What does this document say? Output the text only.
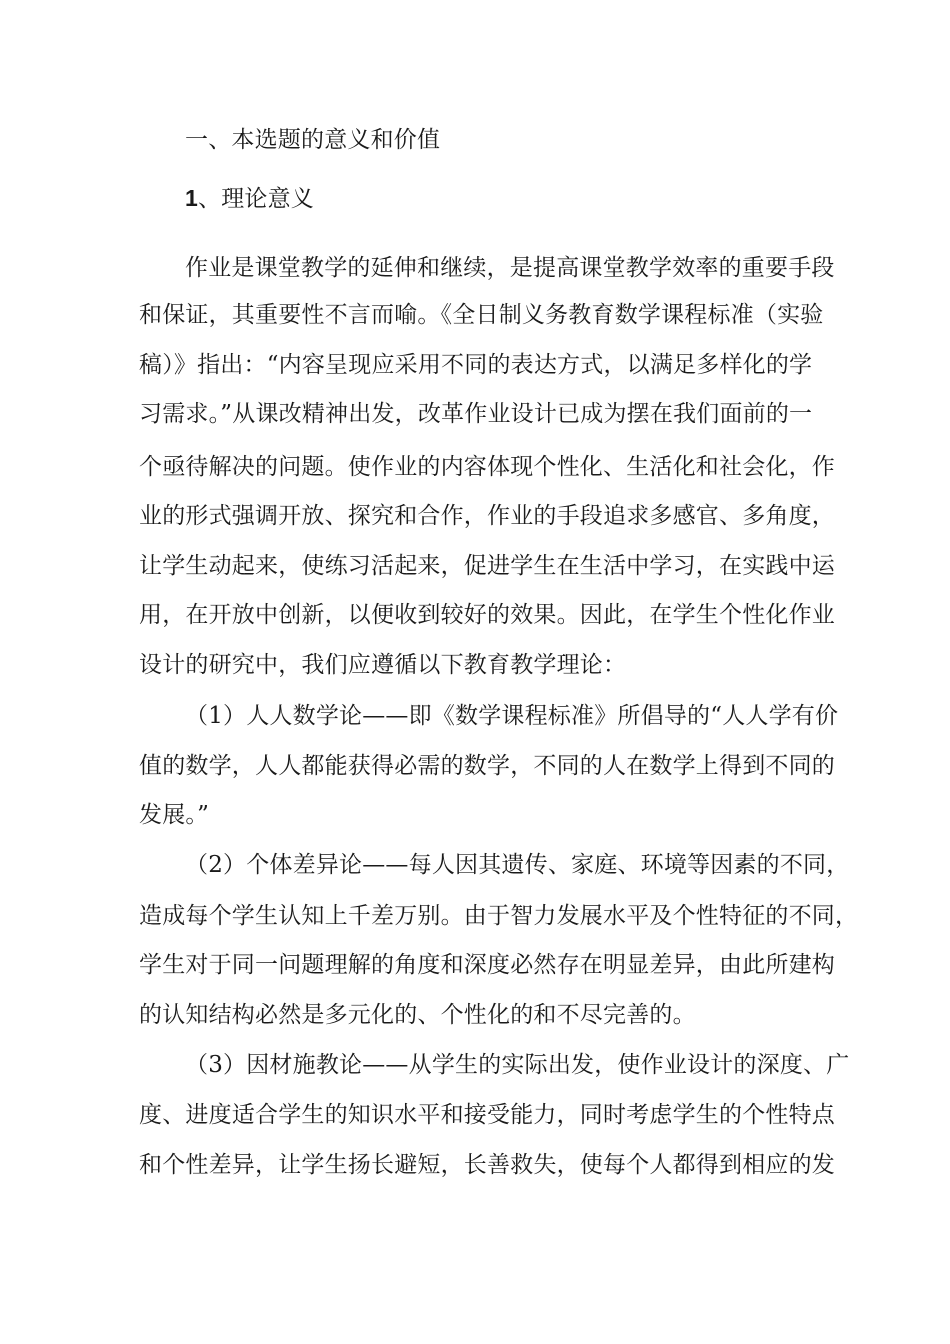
一、本选题的意义和价值
1、理论意义
作业是课堂教学的延伸和继续，是提高课堂教学效率的重要手段
和保证，其重要性不言而喻。《全日制义务教育数学课程标准（实验
稿）》指出：“内容呈现应采用不同的表达方式，以满足多样化的学
习需求。”从课改精神出发，改革作业设计已成为摆在我们面前的一
个亟待解决的问题。使作业的内容体现个性化、生活化和社会化，作
业的形式强调开放、探究和合作，作业的手段追求多感官、多角度，
让学生动起来，使练习活起来，促进学生在生活中学习，在实践中运
用，在开放中创新，以便收到较好的效果。因此，在学生个性化作业
设计的研究中，我们应遵循以下教育教学理论：
（1）人人数学论——即《数学课程标准》所倡导的“人人学有价
值的数学，人人都能获得必需的数学，不同的人在数学上得到不同的
发展。”
（2）个体差异论——每人因其遗传、家庭、环境等因素的不同，
造成每个学生认知上千差万别。由于智力发展水平及个性特征的不同，
学生对于同一问题理解的角度和深度必然存在明显差异，由此所建构
的认知结构必然是多元化的、个性化的和不尽完善的。
（3）因材施教论——从学生的实际出发，使作业设计的深度、广
度、进度适合学生的知识水平和接受能力，同时考虑学生的个性特点
和个性差异，让学生扬长避短，长善救失，使每个人都得到相应的发
